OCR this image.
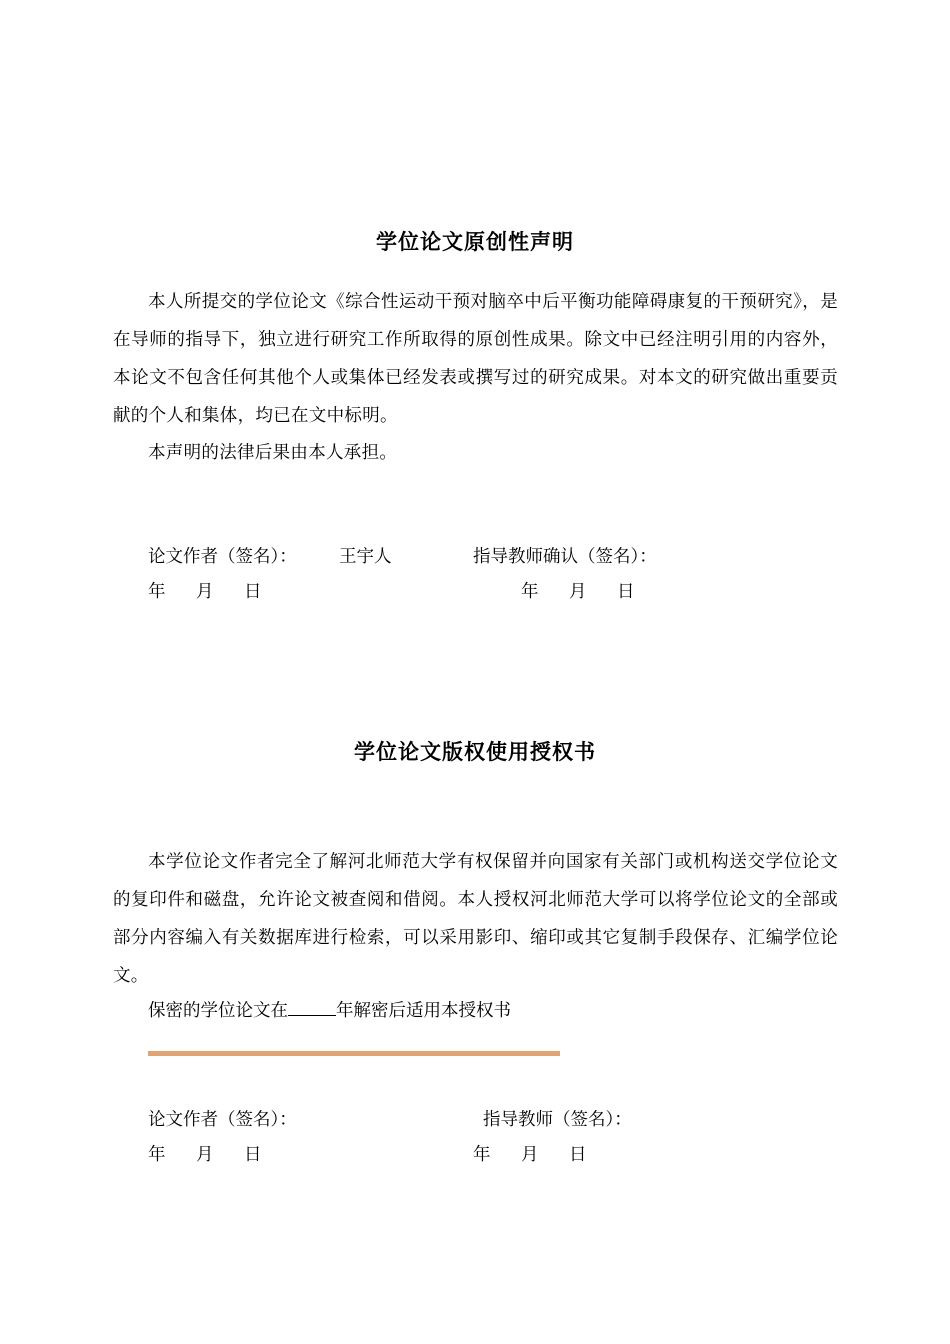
学位论文原创性声明
本人所提交的学位论文《综合性运动干预对脑卒中后平衡功能障碍康复的干预研究》，是在导师的指导下，独立进行研究工作所取得的原创性成果。除文中已经注明引用的内容外，本论文不包含任何其他个人或集体已经发表或撰写过的研究成果。对本文的研究做出重要贡献的个人和集体，均已在文中标明。
本声明的法律后果由本人承担。
论文作者（签名）： 王宇人	指导教师确认（签名）：
年 月 日	年 月 日
学位论文版权使用授权书
本学位论文作者完全了解河北师范大学有权保留并向国家有关部门或机构送交学位论文的复印件和磁盘，允许论文被查阅和借阅。本人授权河北师范大学可以将学位论文的全部或部分内容编入有关数据库进行检索，可以采用影印、缩印或其它复制手段保存、汇编学位论文。
保密的学位论文在	年解密后适用本授权书
论文作者（签名）：	指导教师（签名）：
年 月 日	年 月 日
